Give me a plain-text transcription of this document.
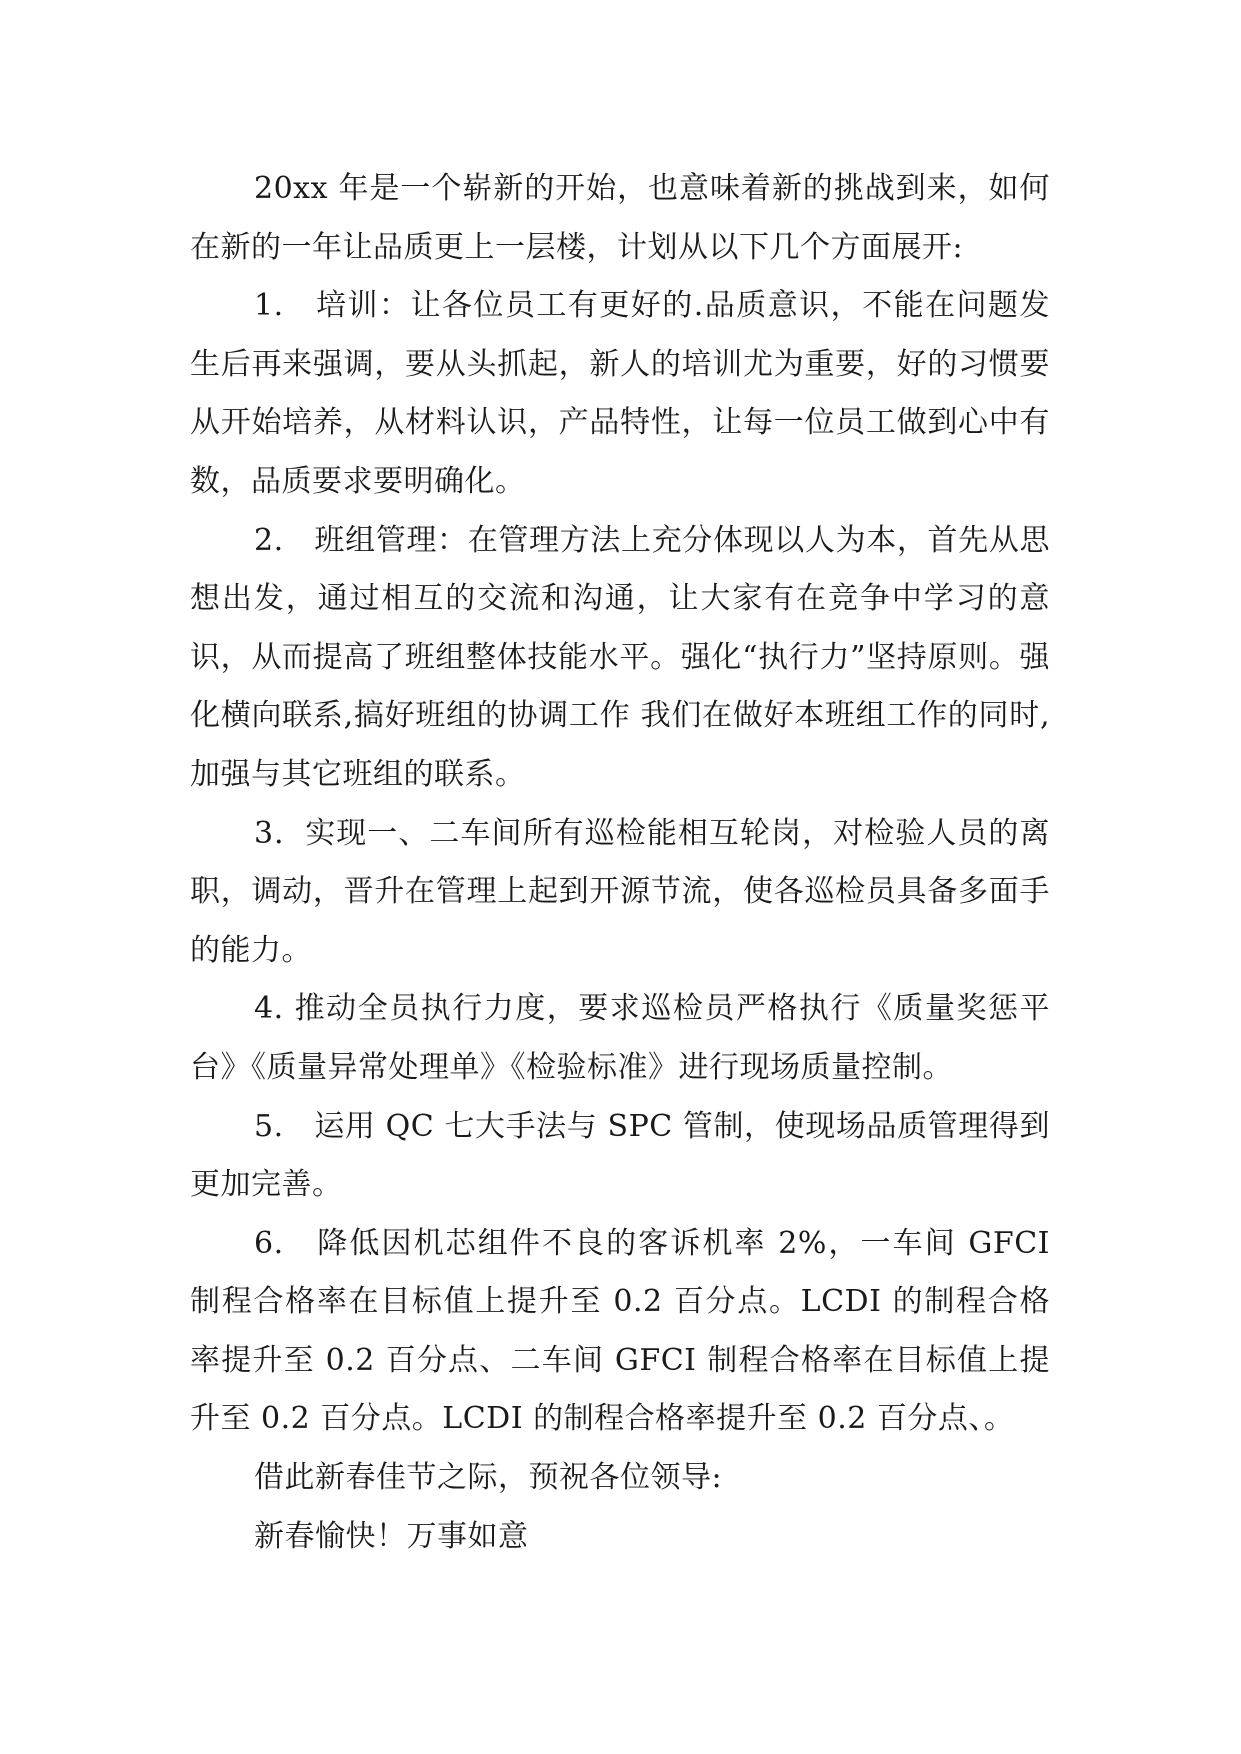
20xx 年是一个崭新的开始，也意味着新的挑战到来，如何在新的一年让品质更上一层楼，计划从以下几个方面展开:

1.　培训：让各位员工有更好的.品质意识，不能在问题发生后再来强调，要从头抓起，新人的培训尤为重要，好的习惯要从开始培养，从材料认识，产品特性，让每一位员工做到心中有数，品质要求要明确化。

2.　班组管理：在管理方法上充分体现以人为本，首先从思想出发，通过相互的交流和沟通，让大家有在竞争中学习的意识，从而提高了班组整体技能水平。强化“执行力”坚持原则。强化横向联系,搞好班组的协调工作 我们在做好本班组工作的同时,加强与其它班组的联系。

3．实现一、二车间所有巡检能相互轮岗，对检验人员的离职，调动，晋升在管理上起到开源节流，使各巡检员具备多面手的能力。

4. 推动全员执行力度，要求巡检员严格执行《质量奖惩平台》《质量异常处理单》《检验标准》进行现场质量控制。

5.　运用 QC 七大手法与 SPC 管制，使现场品质管理得到更加完善。

6.　降低因机芯组件不良的客诉机率 2%，一车间 GFCI 制程合格率在目标值上提升至 0.2 百分点。LCDI 的制程合格率提升至 0.2 百分点、二车间 GFCI 制程合格率在目标值上提升至 0.2 百分点。LCDI 的制程合格率提升至 0.2 百分点、。

借此新春佳节之际，预祝各位领导:

新春愉快！万事如意
